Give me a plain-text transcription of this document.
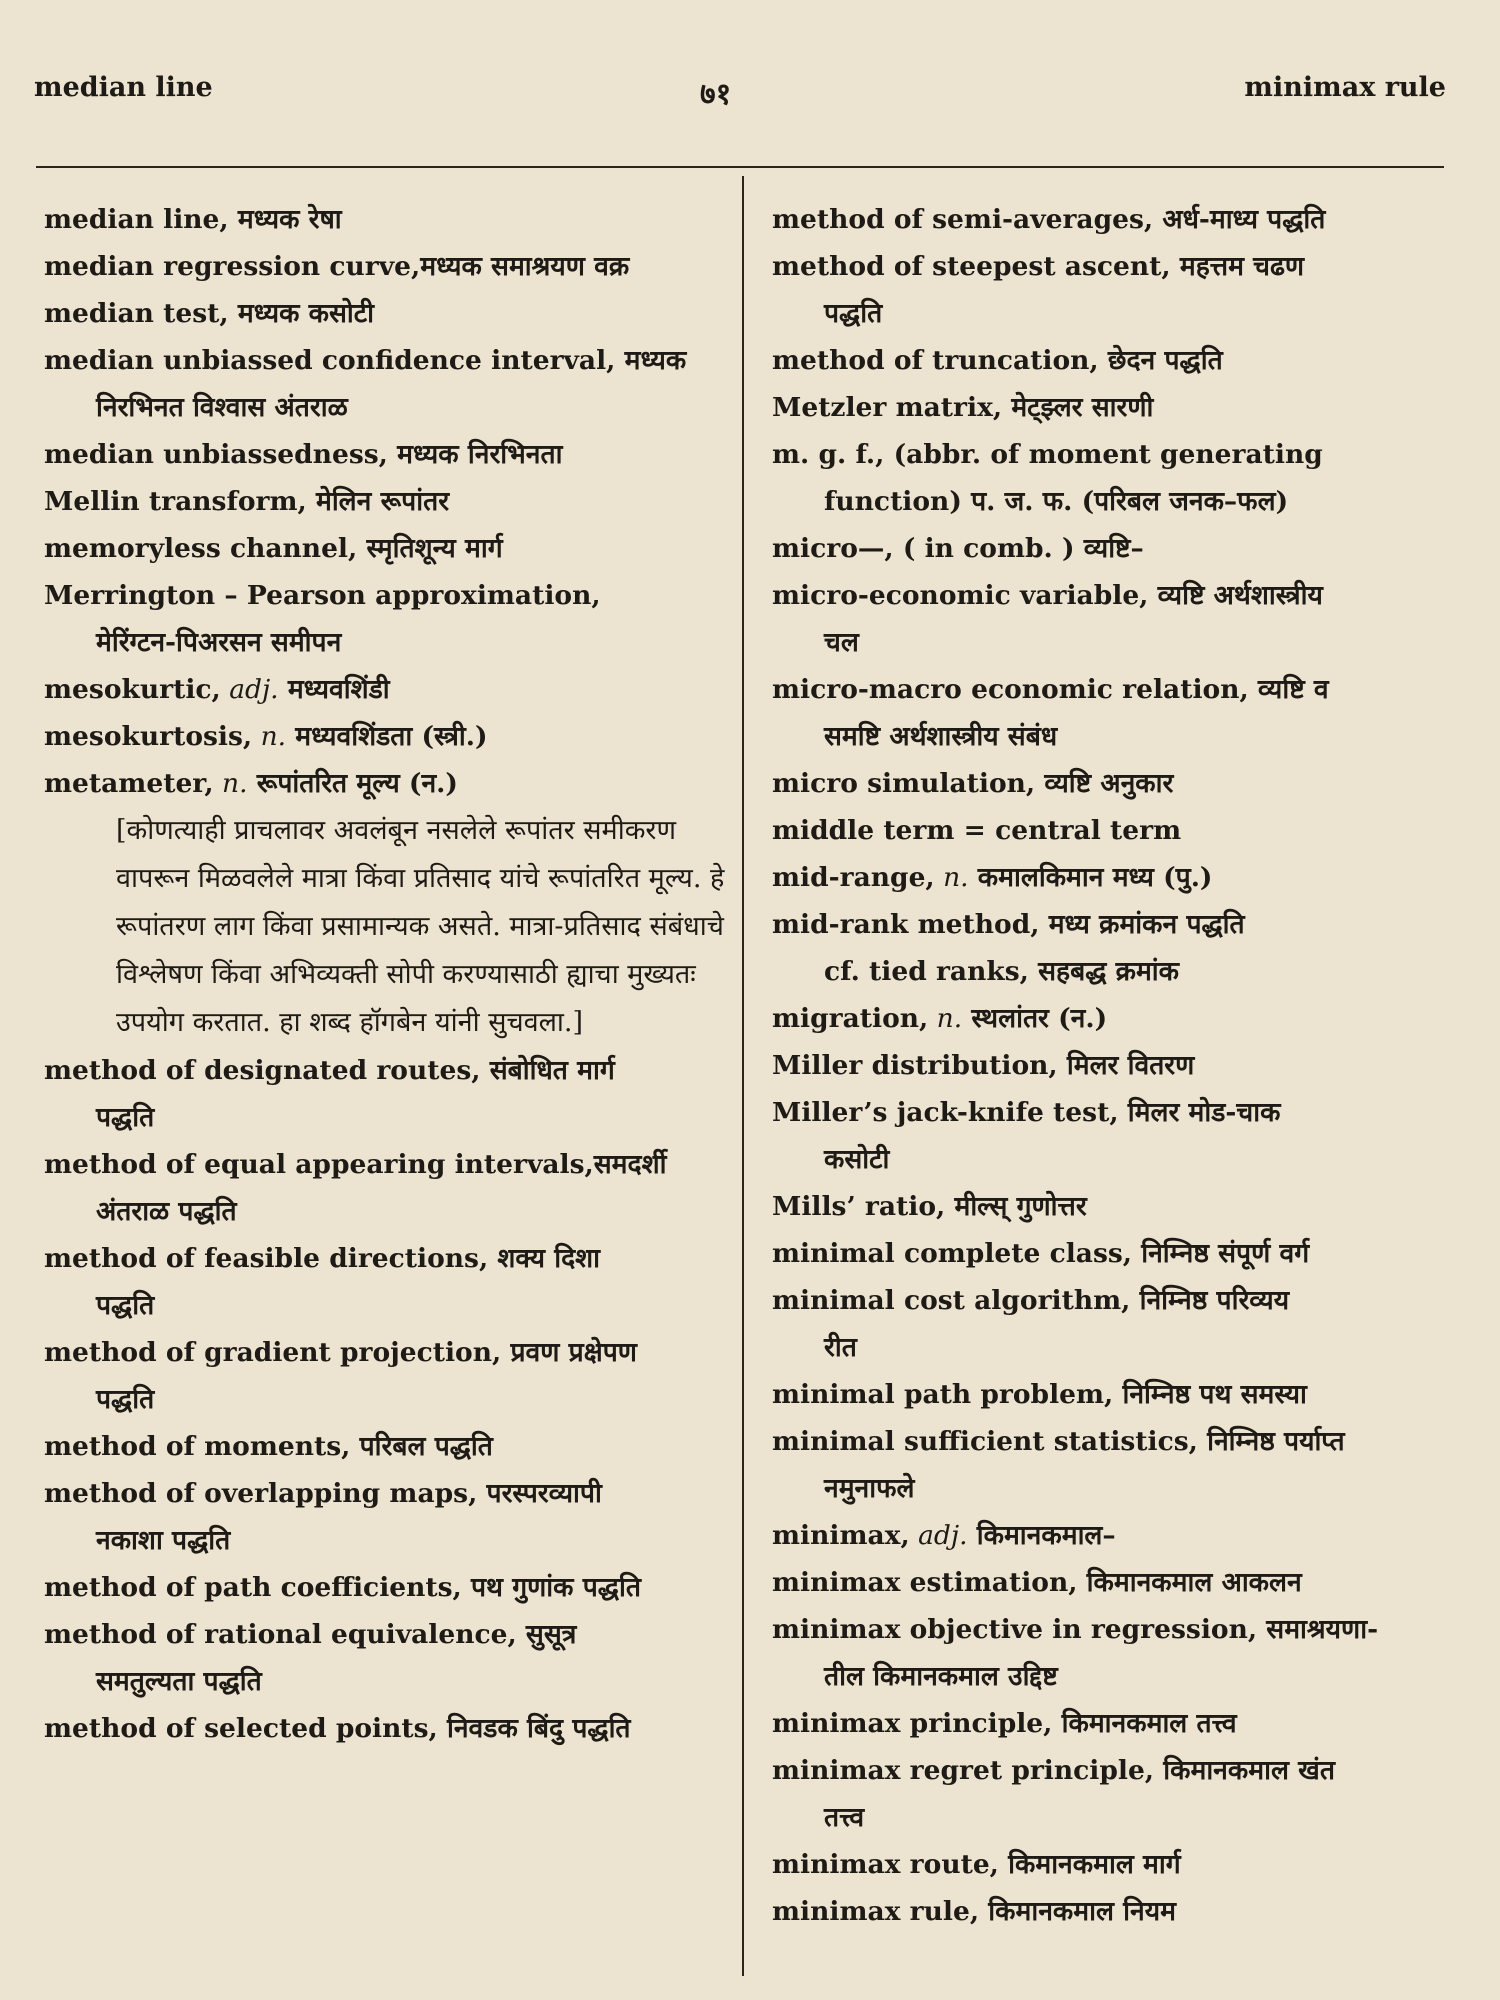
median line	७१	minimax rule

median line, मध्यक रेषा

median regression curve,मध्यक समाश्रयण वक्र

median test, मध्यक कसोटी

median unbiassed confidence interval, मध्यक

निरभिनत विश्वास अंतराळ

median unbiassedness, मध्यक निरभिनता

Mellin transform, मेलिन रूपांतर

memoryless channel, स्मृतिशून्य मार्ग

Merrington – Pearson approximation,

मेरिंग्टन-पिअरसन समीपन

mesokurtic, adj. मध्यवशिंडी

mesokurtosis, n. मध्यवशिंडता (स्त्री.)

metameter, n. रूपांतरित मूल्य (न.)

[कोणत्याही प्राचलावर अवलंबून नसलेले रूपांतर समीकरण वापरून मिळवलेले मात्रा किंवा प्रतिसाद यांचे रूपांतरित मूल्य. हे रूपांतरण लाग किंवा प्रसामान्यक असते. मात्रा-प्रतिसाद संबंधाचे विश्लेषण किंवा अभिव्यक्ती सोपी करण्यासाठी ह्याचा मुख्यतः उपयोग करतात. हा शब्द हॉगबेन यांनी सुचवला.]

method of designated routes, संबोधित मार्ग

पद्धति

method of equal appearing intervals,समदर्शी

अंतराळ पद्धति

method of feasible directions, शक्य दिशा

पद्धति

method of gradient projection, प्रवण प्रक्षेपण

पद्धति

method of moments, परिबल पद्धति

method of overlapping maps, परस्परव्यापी

नकाशा पद्धति

method of path coefficients, पथ गुणांक पद्धति

method of rational equivalence, सुसूत्र

समतुल्यता पद्धति

method of selected points, निवडक बिंदु पद्धति

method of semi-averages, अर्ध-माध्य पद्धति

method of steepest ascent, महत्तम चढण

पद्धति

method of truncation, छेदन पद्धति

Metzler matrix, मेट्झ्लर सारणी

m. g. f., (abbr. of moment generating

function) प. ज. फ. (परिबल जनक–फल)

micro—, ( in comb. ) व्यष्टि–

micro-economic variable, व्यष्टि अर्थशास्त्रीय

चल

micro-macro economic relation, व्यष्टि व

समष्टि अर्थशास्त्रीय संबंध

micro simulation, व्यष्टि अनुकार

middle term = central term

mid-range, n. कमालकिमान मध्य (पु.)

mid-rank method, मध्य क्रमांकन पद्धति

cf. tied ranks, सहबद्ध क्रमांक

migration, n. स्थलांतर (न.)

Miller distribution, मिलर वितरण

Miller’s jack-knife test, मिलर मोड-चाक

कसोटी

Mills’ ratio, मील्स् गुणोत्तर

minimal complete class, निम्निष्ठ संपूर्ण वर्ग

minimal cost algorithm, निम्निष्ठ परिव्यय

रीत

minimal path problem, निम्निष्ठ पथ समस्या

minimal sufficient statistics, निम्निष्ठ पर्याप्त

नमुनाफले

minimax, adj. किमानकमाल–

minimax estimation, किमानकमाल आकलन

minimax objective in regression, समाश्रयणा-

तील किमानकमाल उद्दिष्ट

minimax principle, किमानकमाल तत्त्व

minimax regret principle, किमानकमाल खंत

तत्त्व

minimax route, किमानकमाल मार्ग

minimax rule, किमानकमाल नियम
